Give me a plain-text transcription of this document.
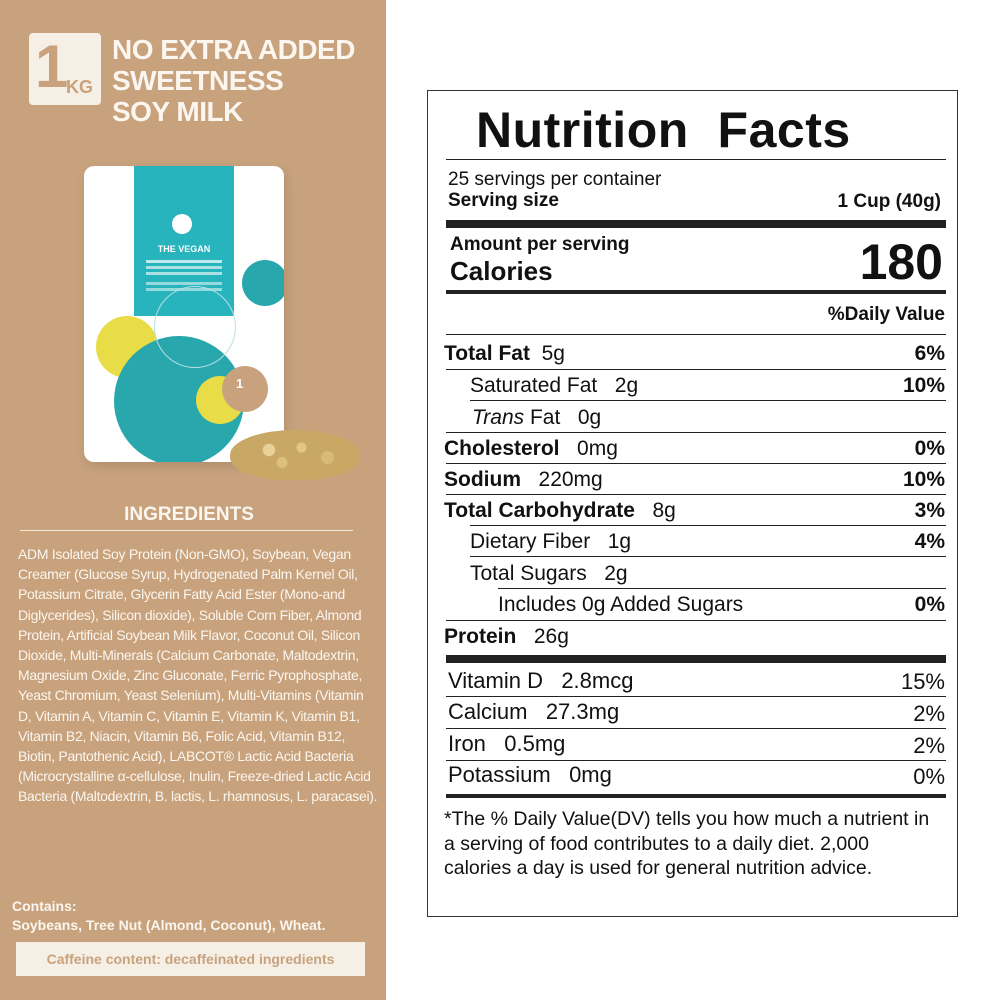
1
KG
NO EXTRA ADDED
SWEETNESS
SOY MILK
THE VEGAN
1
INGREDIENTS
ADM Isolated Soy Protein (Non-GMO), Soybean, Vegan Creamer (Glucose Syrup, Hydrogenated Palm Kernel Oil, Potassium Citrate, Glycerin Fatty Acid Ester (Mono-and Diglycerides), Silicon dioxide), Soluble Corn Fiber, Almond Protein, Artificial Soybean Milk Flavor, Coconut Oil, Silicon Dioxide, Multi-Minerals (Calcium Carbonate, Maltodextrin, Magnesium Oxide, Zinc Gluconate, Ferric Pyrophosphate, Yeast Chromium, Yeast Selenium), Multi-Vitamins (Vitamin D, Vitamin A, Vitamin C, Vitamin E, Vitamin K, Vitamin B1, Vitamin B2, Niacin, Vitamin B6, Folic Acid, Vitamin B12, Biotin, Pantothenic Acid), LABCOT® Lactic Acid Bacteria (Microcrystalline α-cellulose, Inulin, Freeze-dried Lactic Acid Bacteria (Maltodextrin, B. lactis, L. rhamnosus, L. paracasei).
Contains:
Soybeans, Tree Nut (Almond, Coconut), Wheat.
Caffeine content: decaffeinated ingredients
Nutrition  Facts
25 servings per container
Serving size	1 Cup (40g)
Amount per serving
Calories	180
%Daily Value
Total Fat 5g	6%
Saturated Fat 2g	10%
Trans Fat 0g
Cholesterol 0mg	0%
Sodium 220mg	10%
Total Carbohydrate 8g	3%
Dietary Fiber 1g	4%
Total Sugars 2g
Includes 0g Added Sugars	0%
Protein 26g
Vitamin D 2.8mcg	15%
Calcium 27.3mg	2%
Iron 0.5mg	2%
Potassium 0mg	0%
*The % Daily Value(DV) tells you how much a nutrient in a serving of food contributes to a daily diet. 2,000 calories a day is used for general nutrition advice.
